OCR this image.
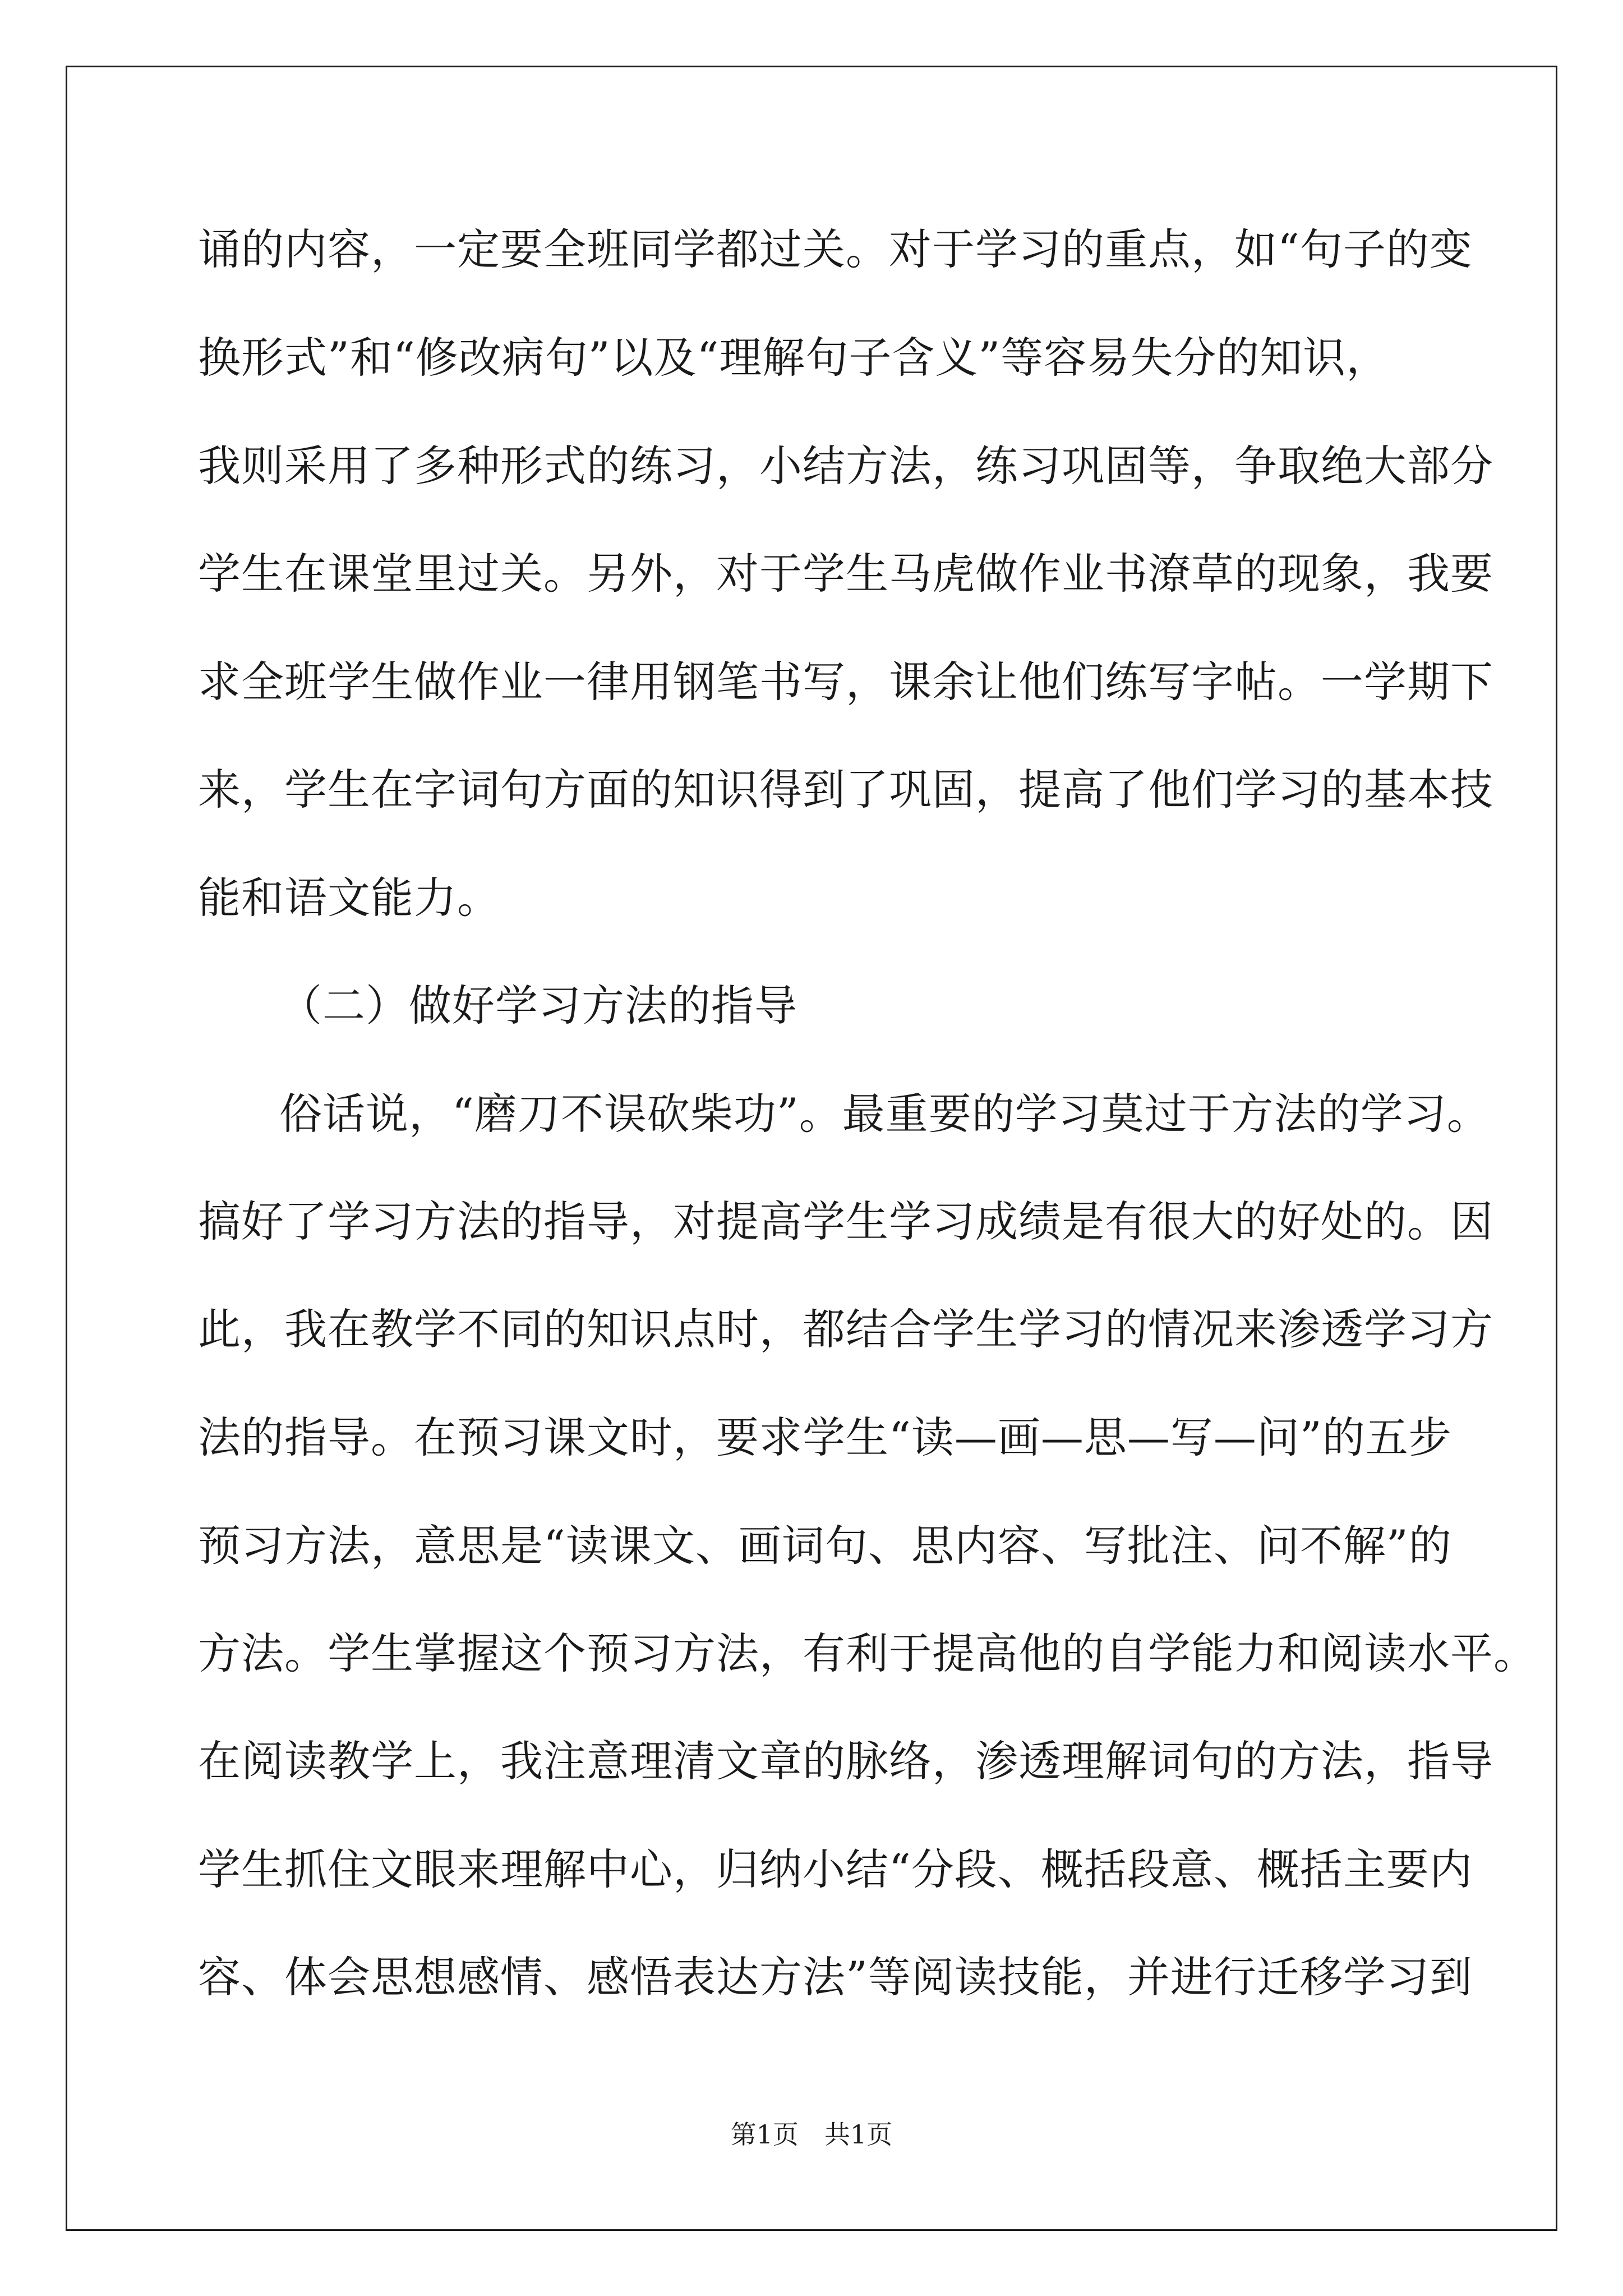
诵的内容，一定要全班同学都过关。对于学习的重点，如“句子的变
换形式”和“修改病句”以及“理解句子含义”等容易失分的知识，
我则采用了多种形式的练习，小结方法，练习巩固等，争取绝大部分
学生在课堂里过关。另外，对于学生马虎做作业书潦草的现象，我要
求全班学生做作业一律用钢笔书写，课余让他们练写字帖。一学期下
来，学生在字词句方面的知识得到了巩固，提高了他们学习的基本技
能和语文能力。
（二）做好学习方法的指导
俗话说，“磨刀不误砍柴功”。最重要的学习莫过于方法的学习。
搞好了学习方法的指导，对提高学生学习成绩是有很大的好处的。因
此，我在教学不同的知识点时，都结合学生学习的情况来渗透学习方
法的指导。在预习课文时，要求学生“读—画—思—写—问”的五步
预习方法，意思是“读课文、画词句、思内容、写批注、问不解”的
方法。学生掌握这个预习方法，有利于提高他的自学能力和阅读水平。
在阅读教学上，我注意理清文章的脉络，渗透理解词句的方法，指导
学生抓住文眼来理解中心，归纳小结“分段、概括段意、概括主要内
容、体会思想感情、感悟表达方法”等阅读技能，并进行迁移学习到
第1页　共1页
